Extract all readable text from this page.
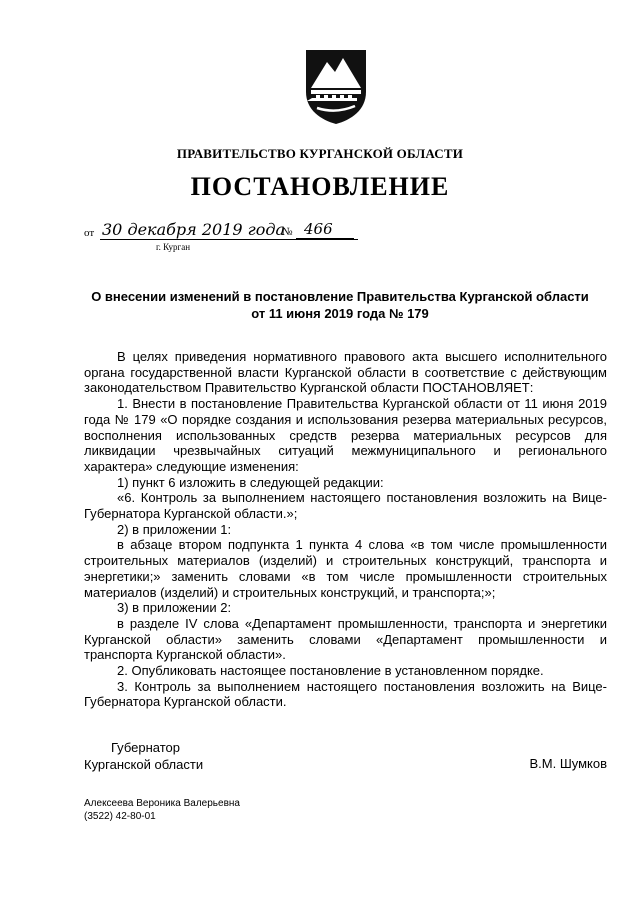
ПРАВИТЕЛЬСТВО КУРГАНСКОЙ ОБЛАСТИ
ПОСТАНОВЛЕНИЕ
от 30 декабря 2019 года
№ 466
г. Курган
О внесении изменений в постановление Правительства Курганской области от 11 июня 2019 года № 179

В целях приведения нормативного правового акта высшего исполнительного органа государственной власти Курганской области в соответствие с действующим законодательством Правительство Курганской области ПОСТАНОВЛЯЕТ:

1. Внести в постановление Правительства Курганской области от 11 июня 2019 года № 179 «О порядке создания и использования резерва материальных ресурсов, восполнения использованных средств резерва материальных ресурсов для ликвидации чрезвычайных ситуаций межмуниципального и регионального характера» следующие изменения:

1) пункт 6 изложить в следующей редакции:

«6. Контроль за выполнением настоящего постановления возложить на Вице-Губернатора Курганской области.»;

2) в приложении 1:

в абзаце втором подпункта 1 пункта 4 слова «в том числе промышленности строительных материалов (изделий) и строительных конструкций, транспорта и энергетики;» заменить словами «в том числе промышленности строительных материалов (изделий) и строительных конструкций, и транспорта;»;

3) в приложении 2:

в разделе IV слова «Департамент промышленности, транспорта и энергетики Курганской области» заменить словами «Департамент промышленности и транспорта Курганской области».

2. Опубликовать настоящее постановление в установленном порядке.

3. Контроль за выполнением настоящего постановления возложить на Вице-Губернатора Курганской области.

Губернатор
Курганской области	В.М. Шумков
Алексеева Вероника Валерьевна
(3522) 42-80-01
